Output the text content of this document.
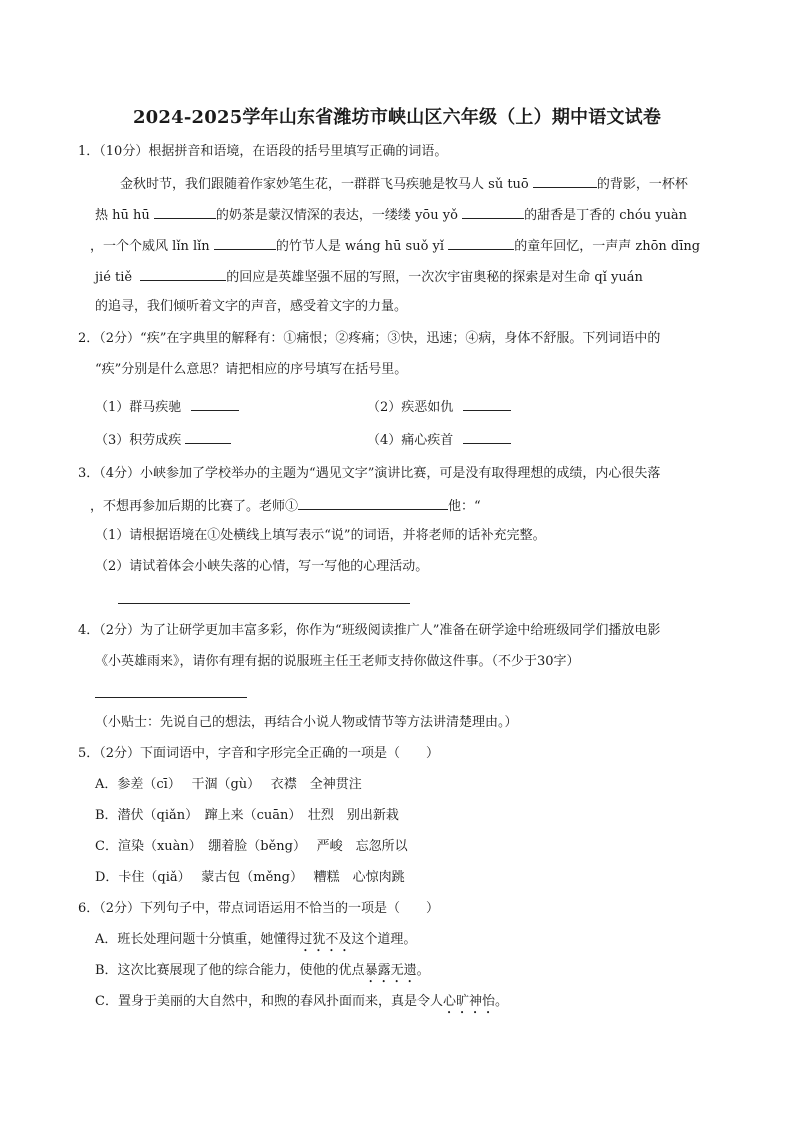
2024-2025学年山东省潍坊市峡山区六年级（上）期中语文试卷
1．（10分）根据拼音和语境，在语段的括号里填写正确的词语。
金秋时节，我们跟随着作家妙笔生花，一群群飞马疾驰是牧马人 sǔ tuō	的背影，一杯杯
热 hū hū	的奶茶是蒙汉情深的表达，一缕缕 yōu yǒ	的甜香是丁香的 chóu yuàn
，一个个威风 lǐn lǐn	的竹节人是 wáng hū suǒ yǐ	的童年回忆，一声声 zhōn dīng
jié tiě	的回应是英雄坚强不屈的写照，一次次宇宙奥秘的探索是对生命 qǐ yuán
的追寻，我们倾听着文字的声音，感受着文字的力量。
2．（2分）“疾”在字典里的解释有：①痛恨；②疼痛；③快，迅速；④病，身体不舒服。下列词语中的
“疾”分别是什么意思？请把相应的序号填写在括号里。
（1）群马疾驰	（2）疾恶如仇
（3）积劳成疾	（4）痛心疾首
3．（4分）小峡参加了学校举办的主题为“遇见文字”演讲比赛，可是没有取得理想的成绩，内心很失落
，不想再参加后期的比赛了。老师①	他：“
（1）请根据语境在①处横线上填写表示“说”的词语，并将老师的话补充完整。
（2）请试着体会小峡失落的心情，写一写他的心理活动。
4．（2分）为了让研学更加丰富多彩，你作为“班级阅读推广人”准备在研学途中给班级同学们播放电影
《小英雄雨来》，请你有理有据的说服班主任王老师支持你做这件事。（不少于30字）
（小贴士：先说自己的想法，再结合小说人物或情节等方法讲清楚理由。）
5．（2分）下面词语中，字音和字形完全正确的一项是（　　）
A．参差（cī）　 干涸（gù）　 衣襟　全神贯注
B．潜伏（qiǎn）　蹿上来（cuān）　壮烈　别出新栽
C．渲染（xuàn）　绷着脸（běng）　 严峻　忘忽所以
D．卡住（qiǎ）　 蒙古包（měng）　 糟糕　心惊肉跳
6．（2分）下列句子中，带点词语运用不恰当的一项是（　　）
A．班长处理问题十分慎重，她懂得过犹不及这个道理。
B．这次比赛展现了他的综合能力，使他的优点暴露无遗。
C．置身于美丽的大自然中，和煦的春风扑面而来，真是令人心旷神怡。
